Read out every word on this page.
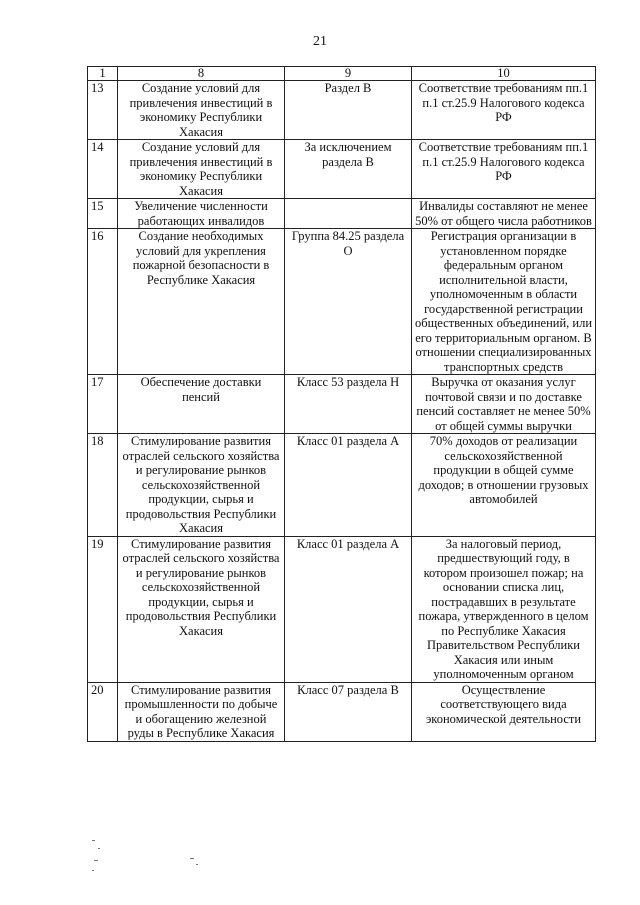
21
1	8	9	10
13	Создание условий для привлечения инвестиций в экономику Республики Хакасия	Раздел В	Соответствие требованиям пп.1 п.1 ст.25.9 Налогового кодекса РФ
14	Создание условий для привлечения инвестиций в экономику Республики Хакасия	За исключением раздела В	Соответствие требованиям пп.1 п.1 ст.25.9 Налогового кодекса РФ
15	Увеличение численности работающих инвалидов		Инвалиды составляют не менее 50% от общего числа работников
16	Создание необходимых условий для укрепления пожарной безопасности в Республике Хакасия	Группа 84.25 раздела О	Регистрация организации в установленном порядке федеральным органом исполнительной власти, уполномоченным в области государственной регистрации общественных объединений, или его территориальным органом. В отношении специализированных транспортных средств
17	Обеспечение доставки пенсий	Класс 53 раздела Н	Выручка от оказания услуг почтовой связи и по доставке пенсий составляет не менее 50% от общей суммы выручки
18	Стимулирование развития отраслей сельского хозяйства и регулирование рынков сельскохозяйственной продукции, сырья и продовольствия Республики Хакасия	Класс 01 раздела А	70% доходов от реализации сельскохозяйственной продукции в общей сумме доходов; в отношении грузовых автомобилей
19	Стимулирование развития отраслей сельского хозяйства и регулирование рынков сельскохозяйственной продукции, сырья и продовольствия Республики Хакасия	Класс 01 раздела А	За налоговый период, предшествующий году, в котором произошел пожар; на основании списка лиц, пострадавших в результате пожара, утвержденного в целом по Республике Хакасия Правительством Республики Хакасия или иным уполномоченным органом
20	Стимулирование развития промышленности по добыче и обогащению железной руды в Республике Хакасия	Класс 07 раздела В	Осуществление соответствующего вида экономической деятельности
